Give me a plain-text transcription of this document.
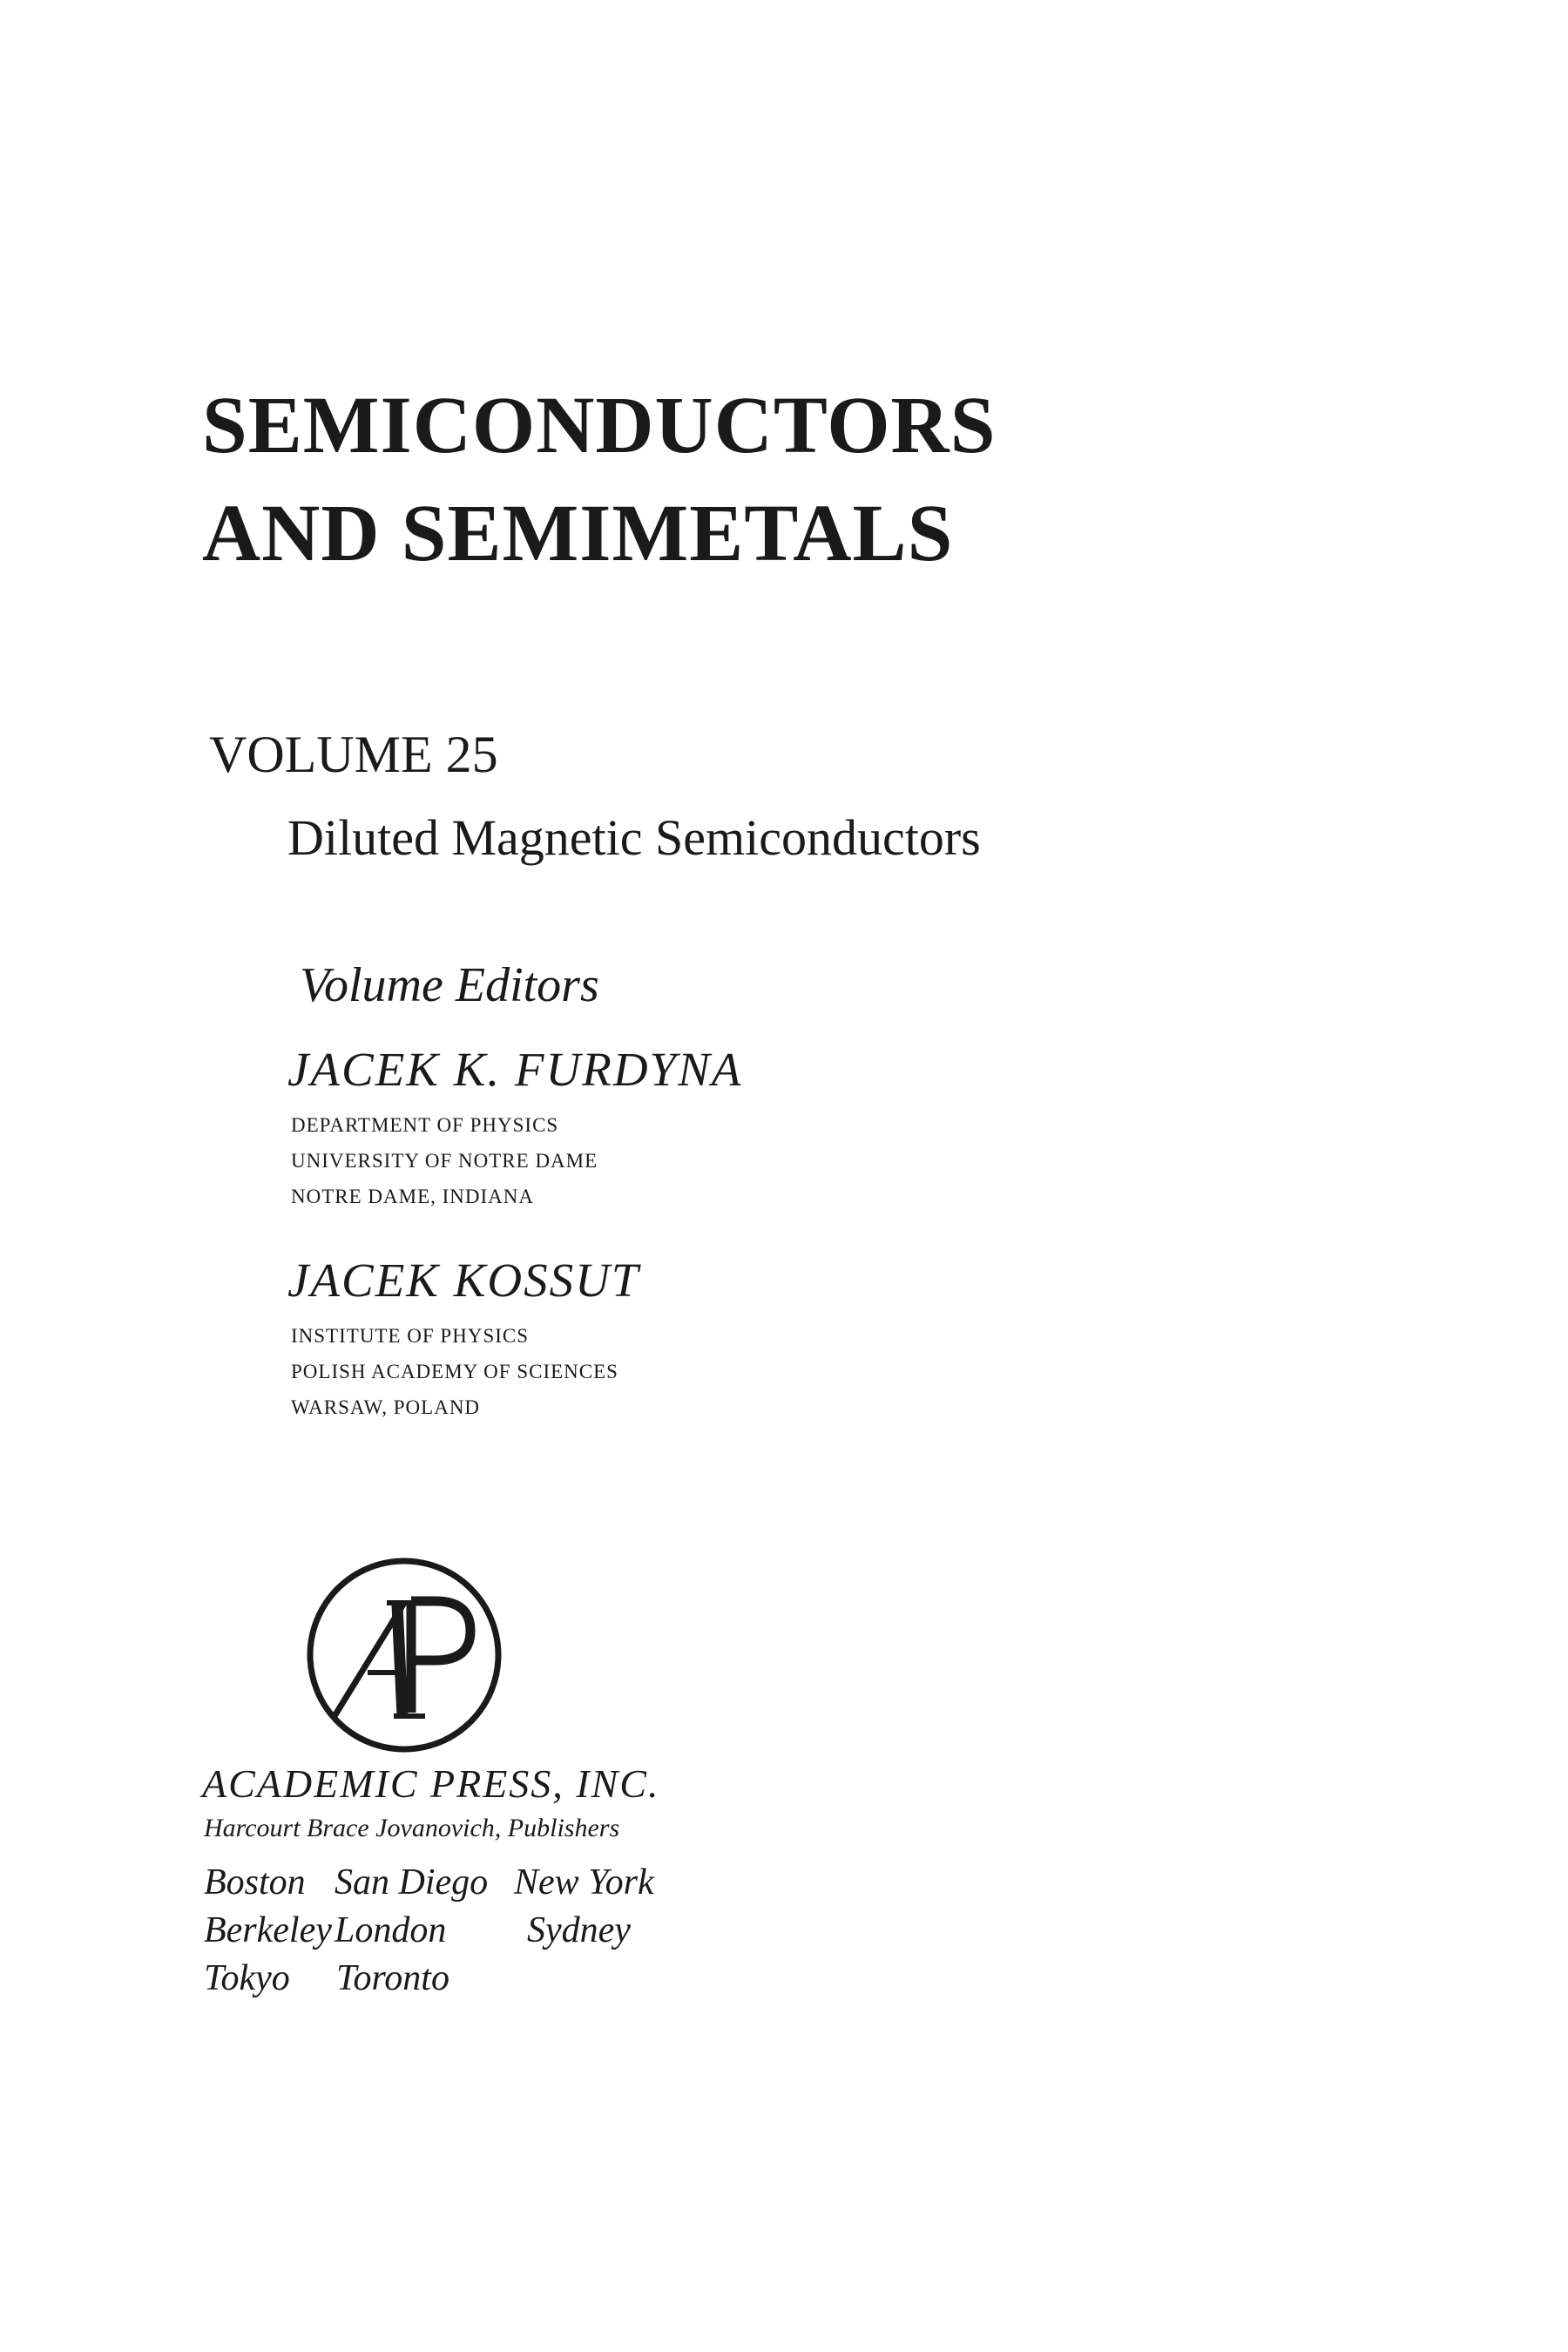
SEMICONDUCTORS
AND SEMIMETALS
VOLUME 25
Diluted Magnetic Semiconductors
Volume Editors
JACEK K. FURDYNA
DEPARTMENT OF PHYSICS
UNIVERSITY OF NOTRE DAME
NOTRE DAME, INDIANA
JACEK KOSSUT
INSTITUTE OF PHYSICS
POLISH ACADEMY OF SCIENCES
WARSAW, POLAND
ACADEMIC PRESS, INC.
Harcourt Brace Jovanovich, Publishers
Boston San Diego New York
BerkeleyLondon Sydney
Tokyo Toronto
